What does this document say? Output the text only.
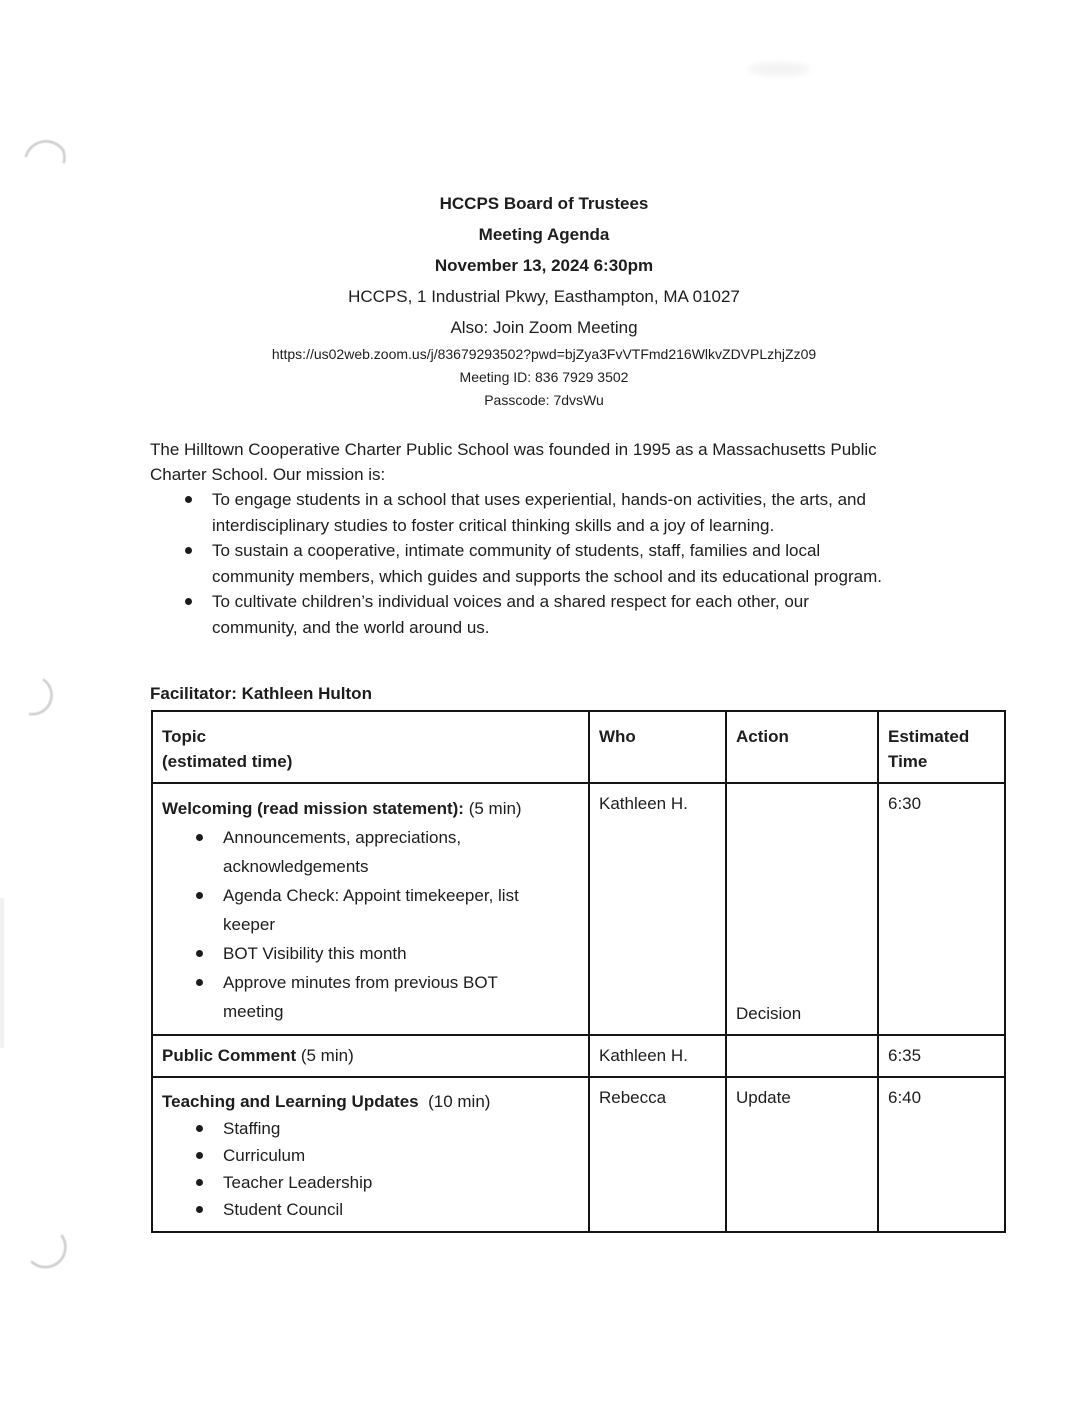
HCCPS Board of Trustees
Meeting Agenda
November 13, 2024 6:30pm
HCCPS, 1 Industrial Pkwy, Easthampton, MA 01027
Also: Join Zoom Meeting
https://us02web.zoom.us/j/83679293502?pwd=bjZya3FvVTFmd216WlkvZDVPLzhjZz09
Meeting ID: 836 7929 3502
Passcode: 7dvsWu

The Hilltown Cooperative Charter Public School was founded in 1995 as a Massachusetts Public Charter School. Our mission is:

To engage students in a school that uses experiential, hands-on activities, the arts, and interdisciplinary studies to foster critical thinking skills and a joy of learning.
To sustain a cooperative, intimate community of students, staff, families and local community members, which guides and supports the school and its educational program.
To cultivate children’s individual voices and a shared respect for each other, our community, and the world around us.
Facilitator: Kathleen Hulton
Topic
(estimated time)	Who	Action	Estimated Time

Welcoming (read mission statement): (5 min)
Announcements, appreciations, acknowledgements
Agenda Check: Appoint timekeeper, list keeper
BOT Visibility this month
Approve minutes from previous BOT meeting
	Kathleen H.	Decision	6:30
Public Comment (5 min)	Kathleen H.		6:35

Teaching and Learning Updates  (10 min)
Staffing
Curriculum
Teacher Leadership
Student Council
	Rebecca	Update	6:40
